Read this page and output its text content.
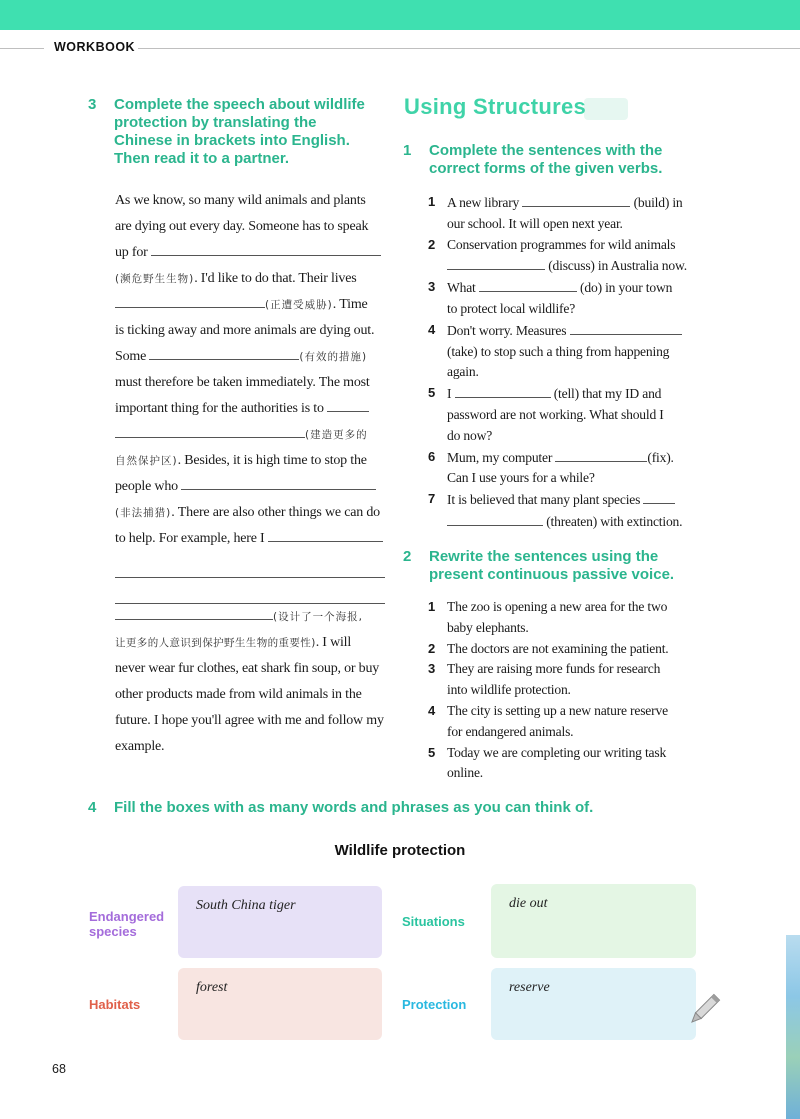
WORKBOOK
3 Complete the speech about wildlife
protection by translating the
Chinese in brackets into English.
Then read it to a partner.
As we know, so many wild animals and plants
are dying out every day. Someone has to speak
up for
(濒危野生生物). I'd like to do that. Their lives
(正遭受威胁). Time
is ticking away and more animals are dying out.
Some	(有效的措施)
must therefore be taken immediately. The most
important thing for the authorities is to
(建造更多的
自然保护区). Besides, it is high time to stop the
people who
(非法捕猎). There are also other things we can do
to help. For example, here I
(设计了一个海报,
让更多的人意识到保护野生生物的重要性). I will
never wear fur clothes, eat shark fin soup, or buy
other products made from wild animals in the
future. I hope you'll agree with me and follow my
example.
Using Structures
1 Complete the sentences with the
correct forms of the given verbs.
1 A new library	(build) in
our school. It will open next year.
2 Conservation programmes for wild animals
(discuss) in Australia now.
3 What	(do) in your town
to protect local wildlife?
4 Don't worry. Measures
(take) to stop such a thing from happening
again.
5 I	(tell) that my ID and
password are not working. What should I
do now?
6 Mum, my computer	(fix).
Can I use yours for a while?
7 It is believed that many plant species
(threaten) with extinction.
2 Rewrite the sentences using the
present continuous passive voice.
1 The zoo is opening a new area for the two
baby elephants.
2 The doctors are not examining the patient.
3 They are raising more funds for research
into wildlife protection.
4 The city is setting up a new nature reserve
for endangered animals.
5 Today we are completing our writing task
online.
4 Fill the boxes with as many words and phrases as you can think of.
Wildlife protection
Endangered
species
South China tiger
Situations
die out
Habitats
forest
Protection
reserve
68
